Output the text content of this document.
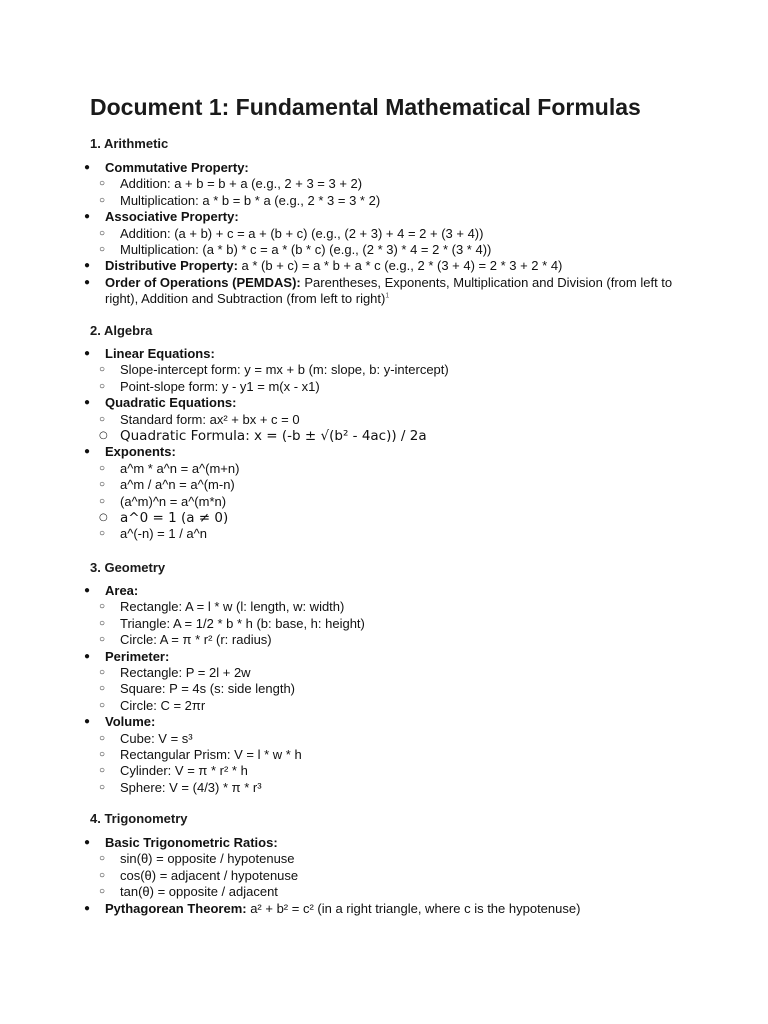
Document 1: Fundamental Mathematical Formulas
1. Arithmetic
● Commutative Property:
○ Addition: a + b = b + a (e.g., 2 + 3 = 3 + 2)
○ Multiplication: a * b = b * a (e.g., 2 * 3 = 3 * 2)
● Associative Property:
○ Addition: (a + b) + c = a + (b + c) (e.g., (2 + 3) + 4 = 2 + (3 + 4))
○ Multiplication: (a * b) * c = a * (b * c) (e.g., (2 * 3) * 4 = 2 * (3 * 4))
● Distributive Property: a * (b + c) = a * b + a * c (e.g., 2 * (3 + 4) = 2 * 3 + 2 * 4)
● Order of Operations (PEMDAS): Parentheses, Exponents, Multiplication and Division (from left to right), Addition and Subtraction (from left to right)$^1$
2. Algebra
● Linear Equations:
○ Slope-intercept form: y = mx + b (m: slope, b: y-intercept)
○ Point-slope form: y - y1 = m(x - x1)
● Quadratic Equations:
○ Standard form: ax² + bx + c = 0
○ Quadratic Formula: x = (-b ± √(b² - 4ac)) / 2a
● Exponents:
○ a^m * a^n = a^(m+n)
○ a^m / a^n = a^(m-n)
○ (a^m)^n = a^(m*n)
○ a^0 = 1 (a ≠ 0)
○ a^(-n) = 1 / a^n
3. Geometry
● Area:
○ Rectangle: A = l * w (l: length, w: width)
○ Triangle: A = 1/2 * b * h (b: base, h: height)
○ Circle: A = π * r² (r: radius)
● Perimeter:
○ Rectangle: P = 2l + 2w
○ Square: P = 4s (s: side length)
○ Circle: C = 2πr
● Volume:
○ Cube: V = s³
○ Rectangular Prism: V = l * w * h
○ Cylinder: V = π * r² * h
○ Sphere: V = (4/3) * π * r³
4. Trigonometry
● Basic Trigonometric Ratios:
○ sin(θ) = opposite / hypotenuse
○ cos(θ) = adjacent / hypotenuse
○ tan(θ) = opposite / adjacent
● Pythagorean Theorem: a² + b² = c² (in a right triangle, where c is the hypotenuse)
